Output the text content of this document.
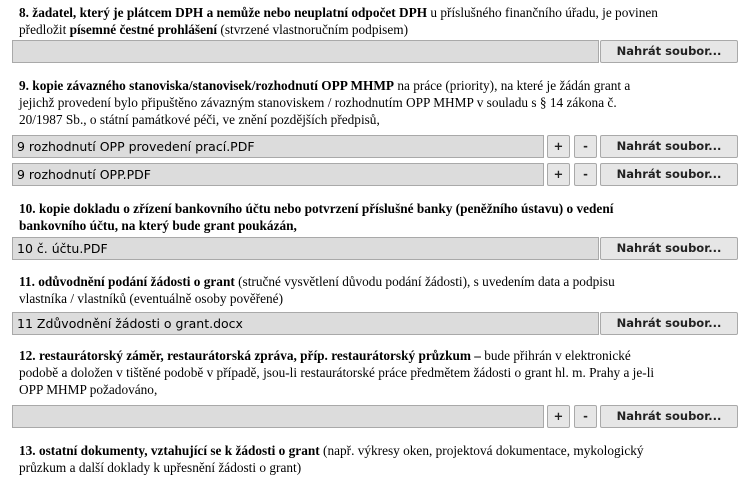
8. žadatel, který je plátcem DPH a nemůže nebo neuplatní odpočet DPH u příslušného finančního úřadu, je povinen
předložit písemné čestné prohlášení (stvrzené vlastnoručním podpisem)
Nahrát soubor...
9. kopie závazného stanoviska/stanovisek/rozhodnutí OPP MHMP na práce (priority), na které je žádán grant a
jejichž provedení bylo připuštěno závazným stanoviskem / rozhodnutím OPP MHMP v souladu s § 14 zákona č.
20/1987 Sb., o státní památkové péči, ve znění pozdějších předpisů,
9 rozhodnutí OPP provedení prací.PDF	+	-	Nahrát soubor...
9 rozhodnutí OPP.PDF	+	-	Nahrát soubor...
10. kopie dokladu o zřízení bankovního účtu nebo potvrzení příslušné banky (peněžního ústavu) o vedení
bankovního účtu, na který bude grant poukázán,
10 č. účtu.PDF	Nahrát soubor...
11. odůvodnění podání žádosti o grant (stručné vysvětlení důvodu podání žádosti), s uvedením data a podpisu
vlastníka / vlastníků (eventuálně osoby pověřené)
11 Zdůvodnění žádosti o grant.docx	Nahrát soubor...
12. restaurátorský záměr, restaurátorská zpráva, příp. restaurátorský průzkum – bude přihrán v elektronické
podobě a doložen v tištěné podobě v případě, jsou-li restaurátorské práce předmětem žádosti o grant hl. m. Prahy a je-li
OPP MHMP požadováno,
+	-	Nahrát soubor...
13. ostatní dokumenty, vztahující se k žádosti o grant (např. výkresy oken, projektová dokumentace, mykologický
průzkum a další doklady k upřesnění žádosti o grant)
